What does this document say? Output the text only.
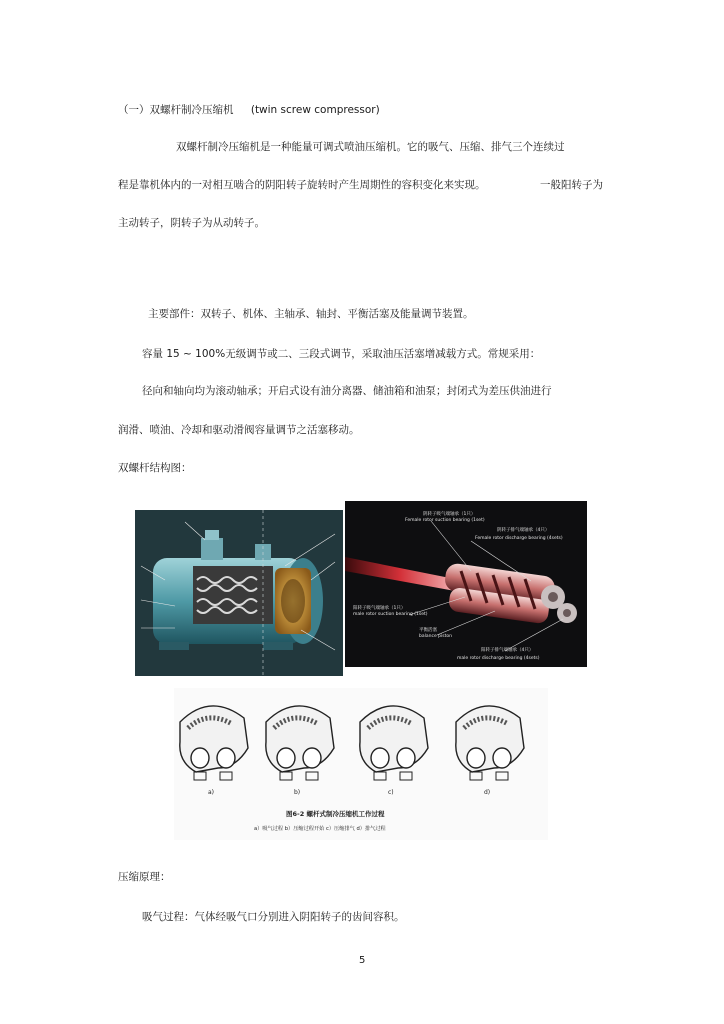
（一）双螺杆制冷压缩机 (twin screw compressor)
双螺杆制冷压缩机是一种能量可调式喷油压缩机。它的吸气、压缩、排气三个连续过
程是靠机体内的一对相互啮合的阴阳转子旋转时产生周期性的容积变化来实现。	一般阳转子为
主动转子，阴转子为从动转子。
主要部件：双转子、机体、主轴承、轴封、平衡活塞及能量调节装置。
容量 15 ~ 100%无级调节或二、三段式调节，采取油压活塞增减载方式。常规采用：
径向和轴向均为滚动轴承；开启式设有油分离器、储油箱和油泵；封闭式为差压供油进行
润滑、喷油、冷却和驱动滑阀容量调节之活塞移动。
双螺杆结构图：
阴转子吸气端轴承（1只）
Female rotor suction bearing (1set)
阴转子排气端轴承（4只）
Female rotor discharge bearing (4sets)
阳转子吸气端轴承（1只）
male rotor suction bearing (1set)
平衡活塞
balance piston
阳转子排气端轴承（4只）
male rotor discharge bearing (4sets)
a)	b)	c)	d)
图6-2 螺杆式制冷压缩机工作过程
a）吸气过程 b）压缩过程开始 c）压缩排气 d）排气过程
压缩原理：
吸气过程：气体经吸气口分别进入阴阳转子的齿间容积。
5
